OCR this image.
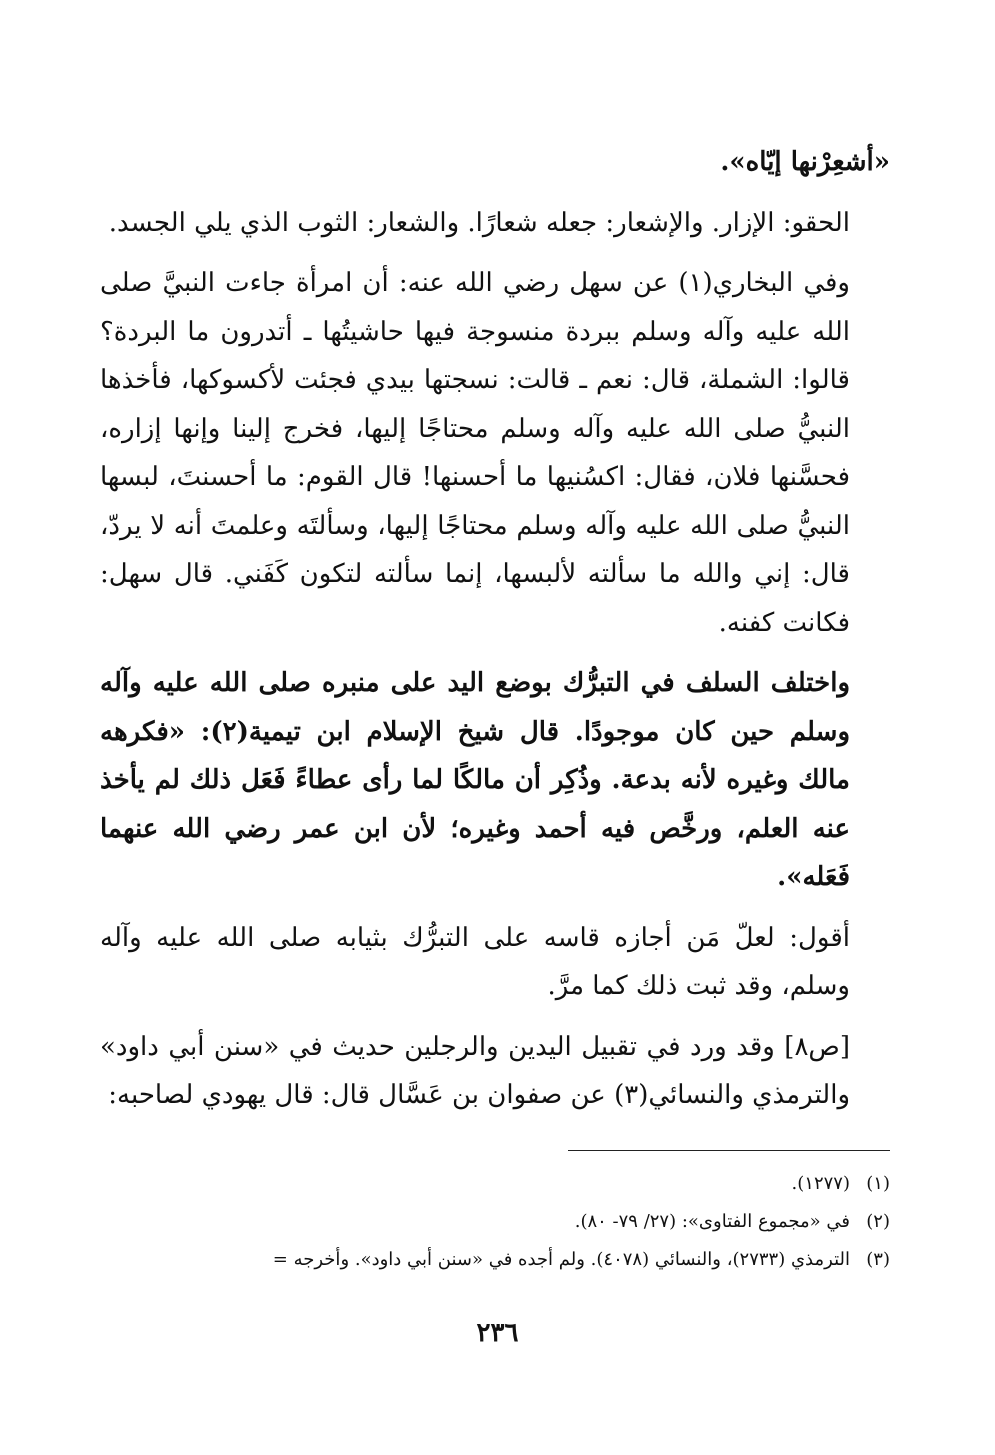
«أشعِرْنها إيّاه».

الحقو: الإزار. والإشعار: جعله شعارًا. والشعار: الثوب الذي يلي الجسد.

وفي البخاري(١) عن سهل رضي الله عنه: أن امرأة جاءت النبيَّ صلى الله عليه وآله وسلم ببردة منسوجة فيها حاشيتُها ـ أتدرون ما البردة؟ قالوا: الشملة، قال: نعم ـ قالت: نسجتها بيدي فجئت لأكسوكها، فأخذها النبيُّ صلى الله عليه وآله وسلم محتاجًا إليها، فخرج إلينا وإنها إزاره، فحسَّنها فلان، فقال: اكسُنيها ما أحسنها! قال القوم: ما أحسنتَ، لبسها النبيُّ صلى الله عليه وآله وسلم محتاجًا إليها، وسألتَه وعلمتَ أنه لا يردّ، قال: إني والله ما سألته لألبسها، إنما سألته لتكون كَفَني. قال سهل: فكانت كفنه.

واختلف السلف في التبرُّك بوضع اليد على منبره صلى الله عليه وآله وسلم حين كان موجودًا. قال شيخ الإسلام ابن تيمية(٢): «فكرهه مالك وغيره لأنه بدعة. وذُكِر أن مالكًا لما رأى عطاءً فَعَل ذلك لم يأخذ عنه العلم، ورخَّص فيه أحمد وغيره؛ لأن ابن عمر رضي الله عنهما فَعَله».

أقول: لعلّ مَن أجازه قاسه على التبرُّك بثيابه صلى الله عليه وآله وسلم، وقد ثبت ذلك كما مرَّ.

[ص٨] وقد ورد في تقبيل اليدين والرجلين حديث في «سنن أبي داود» والترمذي والنسائي(٣) عن صفوان بن عَسَّال قال: قال يهودي لصاحبه:

(١)(١٢٧٧).
(٢)في «مجموع الفتاوى»: (٢٧/ ٧٩- ٨٠).
(٣)الترمذي (٢٧٣٣)، والنسائي (٤٠٧٨). ولم أجده في «سنن أبي داود». وأخرجه =
٢٣٦
